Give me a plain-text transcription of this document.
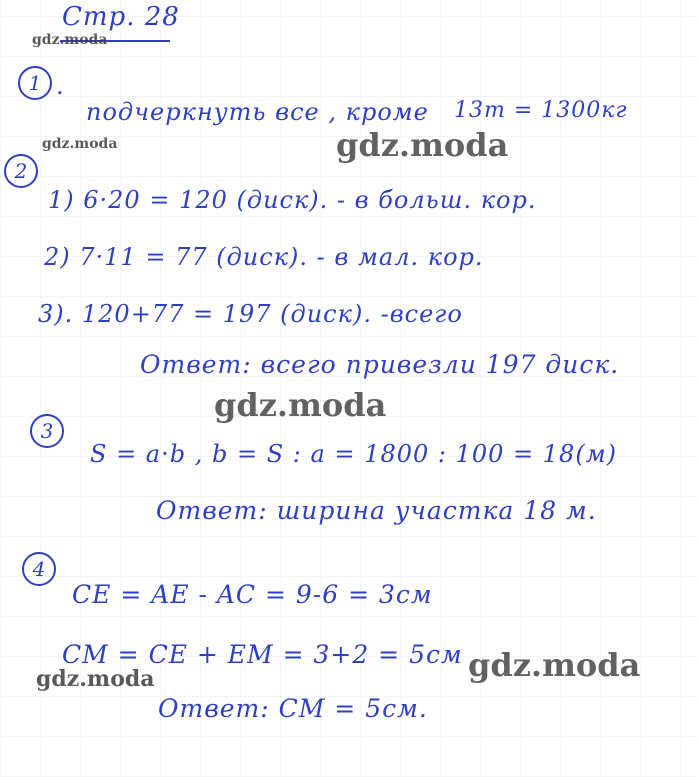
Стр. 28
gdz.moda
1 .
подчеркнуть все , кроме 13т = 1300кг
gdz.moda	gdz.moda
2
1) 6·20 = 120 (диск). - в больш. кор.
2) 7·11 = 77 (диск). - в мал. кор.
3). 120+77 = 197 (диск). -всего
Ответ: всего привезли 197 диск.
gdz.moda
3
S = a·b , b = S : a = 1800 : 100 = 18(м)
Ответ: ширина участка 18 м.
4
CE = AE - AC = 9-6 = 3см
CM = CE + EM = 3+2 = 5см gdz.moda
gdz.moda
Ответ: CM = 5см.
